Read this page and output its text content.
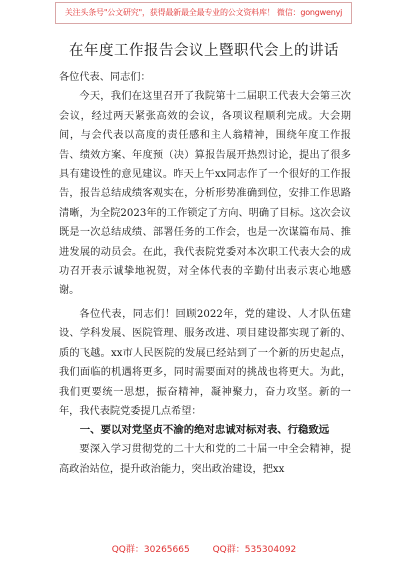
关注头条号"公文研究"，获得最新最全最专业的公文资料库！ 微信：gongwenyj
在年度工作报告会议上暨职代会上的讲话

各位代表、同志们：

今天，我们在这里召开了我院第十二届职工代表大会第三次会议，经过两天紧张高效的会议，各项议程顺利完成。大会期间，与会代表以高度的责任感和主人翁精神，围绕年度工作报告、绩效方案、年度预（决）算报告展开热烈讨论，提出了很多具有建设性的意见建议。昨天上午xx同志作了一个很好的工作报告，报告总结成绩客观实在，分析形势准确到位，安排工作思路清晰，为全院2023年的工作锁定了方向、明确了目标。这次会议既是一次总结成绩、部署任务的工作会，也是一次谋篇布局、推进发展的动员会。在此，我代表院党委对本次职工代表大会的成功召开表示诚挚地祝贺，对全体代表的辛勤付出表示衷心地感谢。

各位代表，同志们！回顾2022年，党的建设、人才队伍建设、学科发展、医院管理、服务改进、项目建设都实现了新的、质的飞越。xx市人民医院的发展已经站到了一个新的历史起点，我们面临的机遇将更多，同时需要面对的挑战也将更大。为此，我们更要统一思想，振奋精神，凝神聚力，奋力攻坚。新的一年，我代表院党委提几点希望：

一、要以对党坚贞不渝的绝对忠诚对标对表、行稳致远

要深入学习贯彻党的二十大和党的二十届一中全会精神，提高政治站位，提升政治能力，突出政治建设，把xx

QQ群：30265665	QQ群：535304092
